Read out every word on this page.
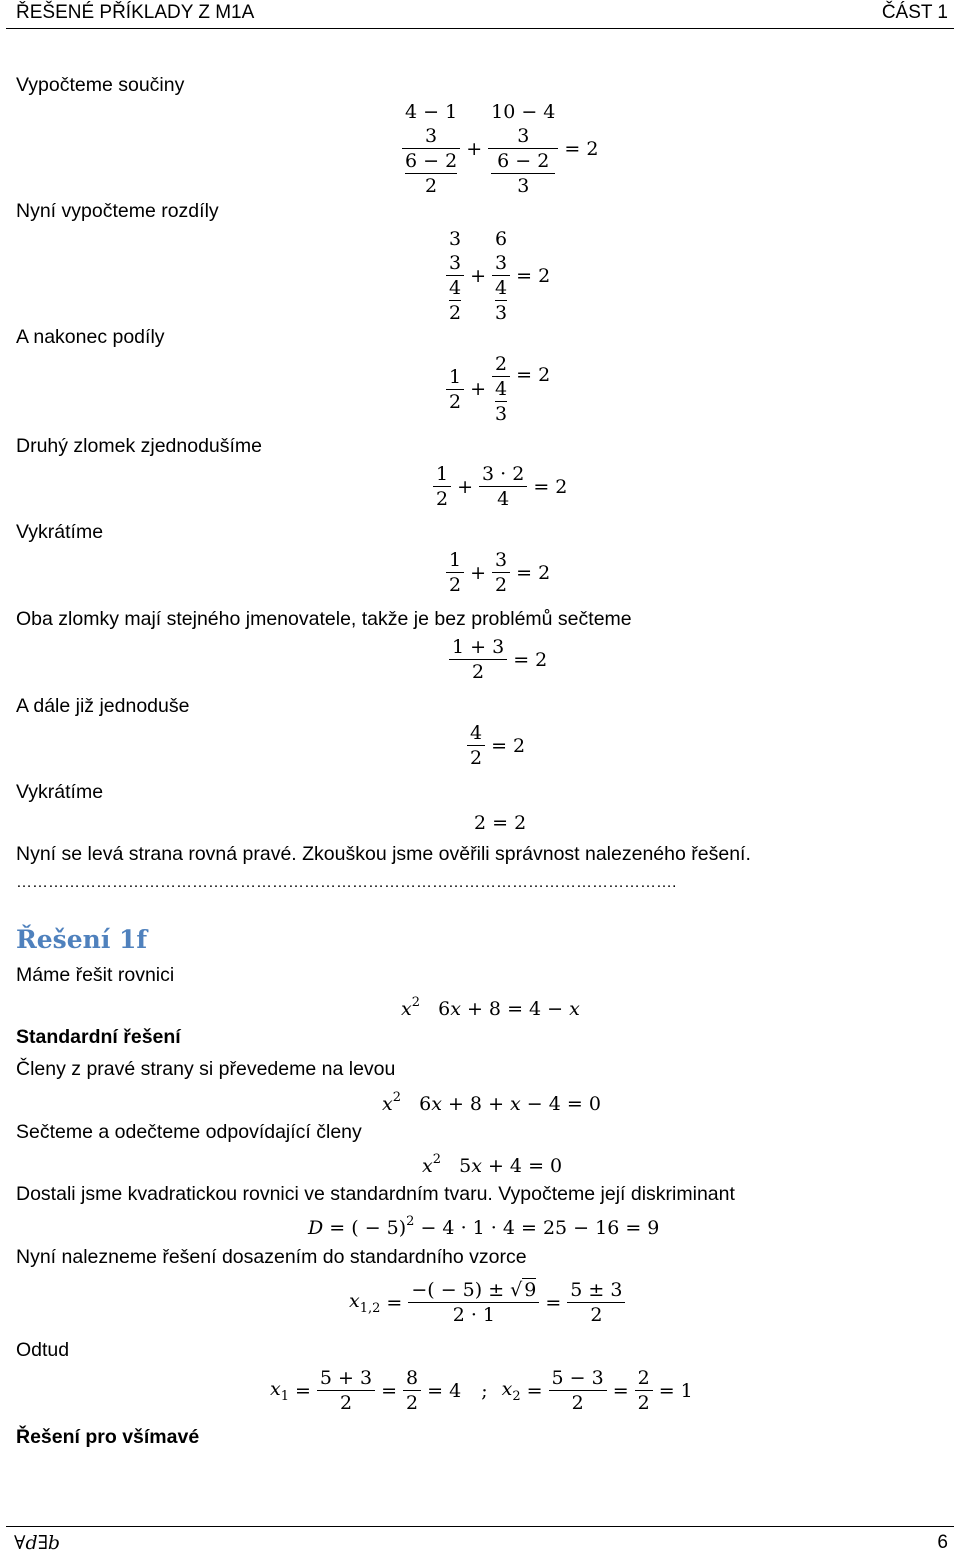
ŘEŠENÉ PŘÍKLADY Z M1A	ČÁST 1
Vypočteme součiny
Nyní vypočteme rozdíly
A nakonec podíly
Druhý zlomek zjednodušíme
Vykrátíme
Oba zlomky mají stejného jmenovatele, takže je bez problémů sečteme
A dále již jednoduše
Vykrátíme
Nyní se levá strana rovná pravé. Zkouškou jsme ověřili správnost nalezeného řešení.
…………………………………………………………………………………………………………….
Řešení 1f
Máme řešit rovnici
Standardní řešení
Členy z pravé strany si převedeme na levou
Sečteme a odečteme odpovídající členy
Dostali jsme kvadratickou rovnici ve standardním tvaru. Vypočteme její diskriminant
Nyní nalezneme řešení dosazením do standardního vzorce
Odtud
Řešení pro všímavé
4 − 1
3
6 − 2
2 + 10 − 4
3
6 − 2
3 = 2
3
3
4
2 + 6
3
4
3 = 2
$\frac{1}{2} + 2$
4
3 = 2
$\frac{1}{2} + \frac{3 \cdot 2}{4} = 2$
$\frac{1}{2} + \frac{3}{2} = 2$
$\frac{1 + 3}{2} = 2$
$\frac{4}{2} = 2$
2 = 2
$x^2$ 6x + 8 = 4 − x
$x^2$ 6x + 8 + x − 4 = 0
$x^2$ 5x + 4 = 0
D = ( − 5)$^2$ − 4 · 1 · 4 = 25 − 16 = 9
$x_{1,2} = \frac{-( - 5) \pm √ 9}{2 \cdot 1} = \frac{5 \pm 3}{2}$
$x_1 = \frac{5 + 3}{2} = \frac{8}{2} = 4$ ; $x_2 = \frac{5 - 3}{2} = \frac{2}{2} = 1$
∀d∃b	6
